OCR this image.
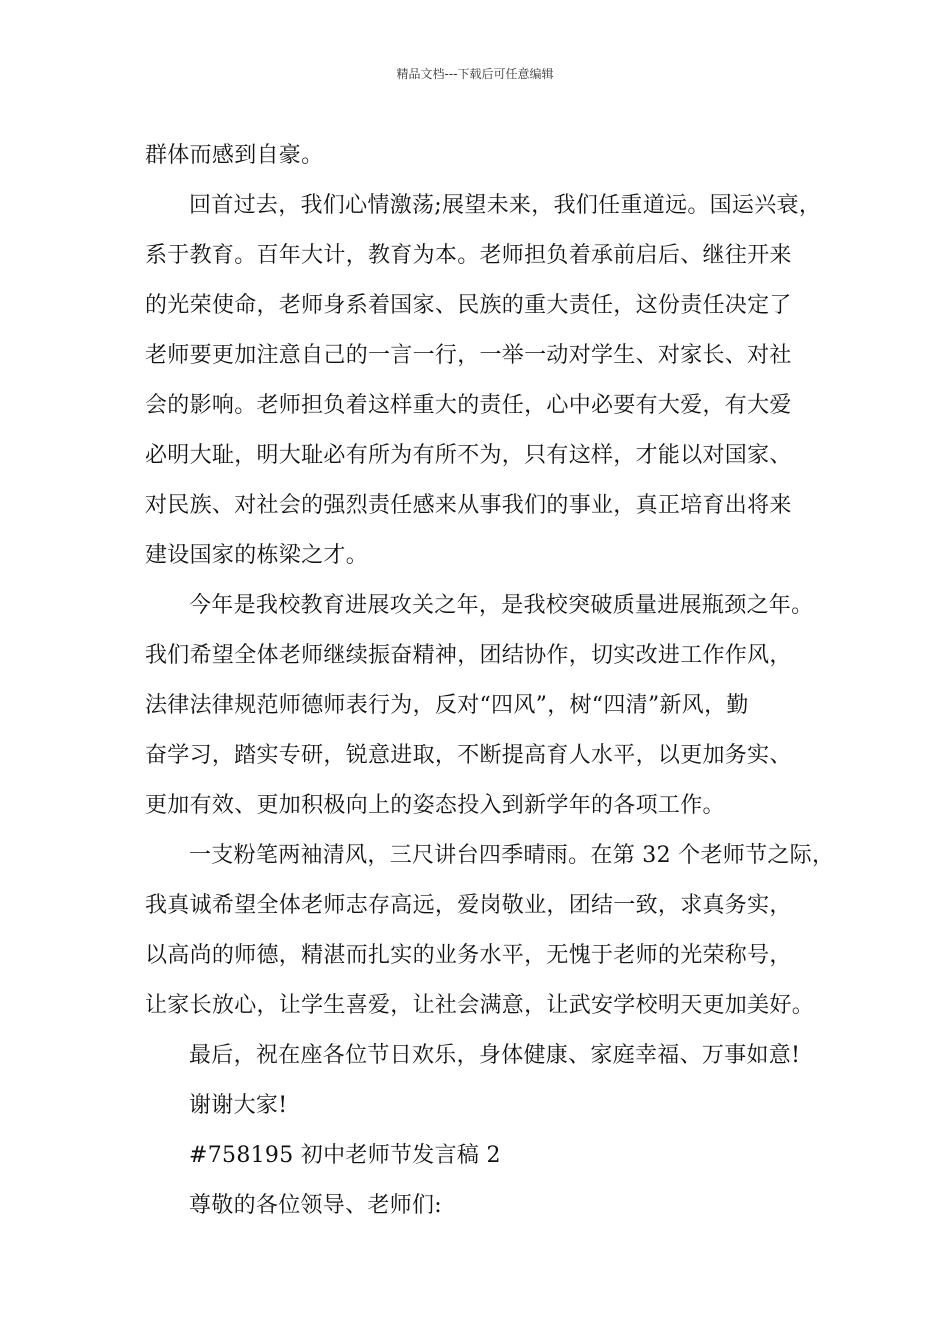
精品文档---下载后可任意编辑
群体而感到自豪。
回首过去，我们心情激荡;展望未来，我们任重道远。国运兴衰，
系于教育。百年大计，教育为本。老师担负着承前启后、继往开来
的光荣使命，老师身系着国家、民族的重大责任，这份责任决定了
老师要更加注意自己的一言一行，一举一动对学生、对家长、对社
会的影响。老师担负着这样重大的责任，心中必要有大爱，有大爱
必明大耻，明大耻必有所为有所不为，只有这样，才能以对国家、
对民族、对社会的强烈责任感来从事我们的事业，真正培育出将来
建设国家的栋梁之才。
今年是我校教育进展攻关之年，是我校突破质量进展瓶颈之年。
我们希望全体老师继续振奋精神，团结协作，切实改进工作作风，
法律法律规范师德师表行为，反对“四风”，树“四清”新风，勤
奋学习，踏实专研，锐意进取，不断提高育人水平，以更加务实、
更加有效、更加积极向上的姿态投入到新学年的各项工作。
一支粉笔两袖清风，三尺讲台四季晴雨。在第 32 个老师节之际，
我真诚希望全体老师志存高远，爱岗敬业，团结一致，求真务实，
以高尚的师德，精湛而扎实的业务水平，无愧于老师的光荣称号，
让家长放心，让学生喜爱，让社会满意，让武安学校明天更加美好。
最后，祝在座各位节日欢乐，身体健康、家庭幸福、万事如意!
谢谢大家!
#758195 初中老师节发言稿 2
尊敬的各位领导、老师们:
